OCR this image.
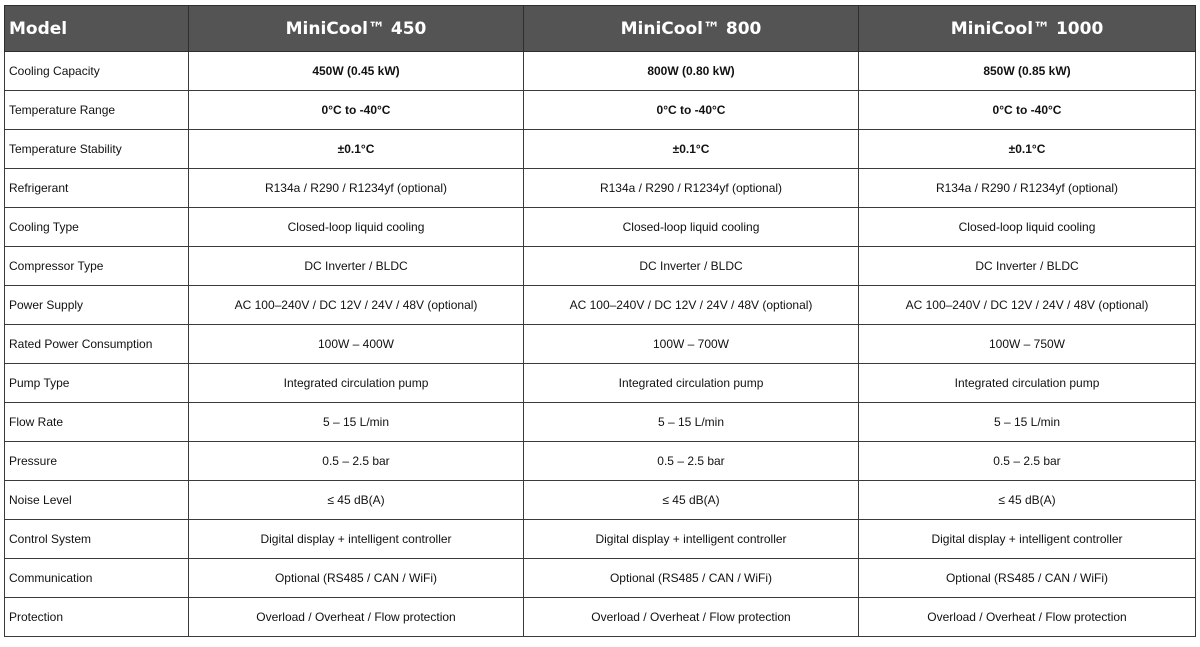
Model	MiniCool™ 450	MiniCool™ 800	MiniCool™ 1000
Cooling Capacity	450W (0.45 kW)	800W (0.80 kW)	850W (0.85 kW)
Temperature Range	0°C to -40°C	0°C to -40°C	0°C to -40°C
Temperature Stability	±0.1°C	±0.1°C	±0.1°C
Refrigerant	R134a / R290 / R1234yf (optional)	R134a / R290 / R1234yf (optional)	R134a / R290 / R1234yf (optional)
Cooling Type	Closed-loop liquid cooling	Closed-loop liquid cooling	Closed-loop liquid cooling
Compressor Type	DC Inverter / BLDC	DC Inverter / BLDC	DC Inverter / BLDC
Power Supply	AC 100–240V / DC 12V / 24V / 48V (optional)	AC 100–240V / DC 12V / 24V / 48V (optional)	AC 100–240V / DC 12V / 24V / 48V (optional)
Rated Power Consumption	100W – 400W	100W – 700W	100W – 750W
Pump Type	Integrated circulation pump	Integrated circulation pump	Integrated circulation pump
Flow Rate	5 – 15 L/min	5 – 15 L/min	5 – 15 L/min
Pressure	0.5 – 2.5 bar	0.5 – 2.5 bar	0.5 – 2.5 bar
Noise Level	≤ 45 dB(A)	≤ 45 dB(A)	≤ 45 dB(A)
Control System	Digital display + intelligent controller	Digital display + intelligent controller	Digital display + intelligent controller
Communication	Optional (RS485 / CAN / WiFi)	Optional (RS485 / CAN / WiFi)	Optional (RS485 / CAN / WiFi)
Protection	Overload / Overheat / Flow protection	Overload / Overheat / Flow protection	Overload / Overheat / Flow protection
